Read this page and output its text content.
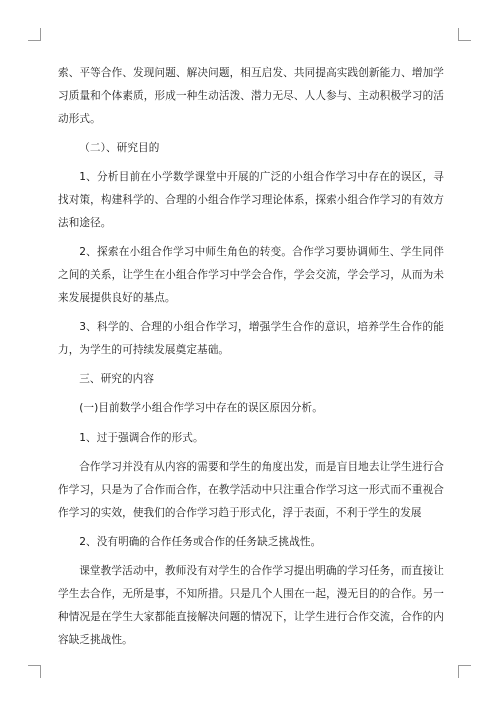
索、平等合作、发现问题、解决问题，相互启发、共同提高实践创新能力、增加学习质量和个体素质，形成一种生动活泼、潜力无尽、人人参与、主动积极学习的活动形式。

（二）、研究目的

1、分析目前在小学数学课堂中开展的广泛的小组合作学习中存在的误区，寻找对策，构建科学的、合理的小组合作学习理论体系，探索小组合作学习的有效方法和途径。

2、探索在小组合作学习中师生角色的转变。合作学习要协调师生、学生同伴之间的关系，让学生在小组合作学习中学会合作，学会交流，学会学习，从而为未来发展提供良好的基点。

3、科学的、合理的小组合作学习，增强学生合作的意识，培养学生合作的能力，为学生的可持续发展奠定基础。

三、研究的内容

(一)目前数学小组合作学习中存在的误区原因分析。

1、过于强调合作的形式。

合作学习并没有从内容的需要和学生的角度出发，而是盲目地去让学生进行合作学习，只是为了合作而合作，在教学活动中只注重合作学习这一形式而不重视合作学习的实效，使我们的合作学习趋于形式化，浮于表面，不利于学生的发展

2、没有明确的合作任务或合作的任务缺乏挑战性。

课堂教学活动中，教师没有对学生的合作学习提出明确的学习任务，而直接让学生去合作，无所是事，不知所措。只是几个人围在一起，漫无目的的合作。另一种情况是在学生大家都能直接解决问题的情况下，让学生进行合作交流，合作的内容缺乏挑战性。
